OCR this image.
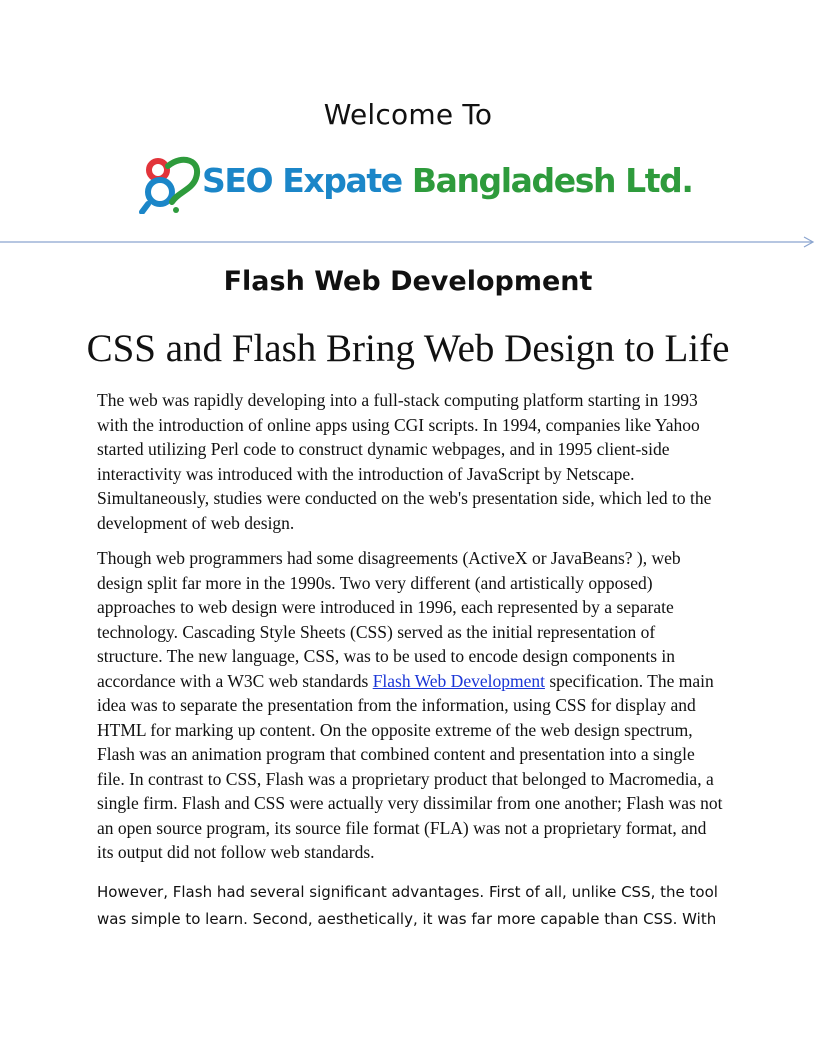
Welcome To
SEO Expate Bangladesh Ltd.
Flash Web Development
CSS and Flash Bring Web Design to Life

The web was rapidly developing into a full-stack computing platform starting in 1993 with the introduction of online apps using CGI scripts. In 1994, companies like Yahoo started utilizing Perl code to construct dynamic webpages, and in 1995 client-side interactivity was introduced with the introduction of JavaScript by Netscape. Simultaneously, studies were conducted on the web's presentation side, which led to the development of web design.

Though web programmers had some disagreements (ActiveX or JavaBeans? ), web design split far more in the 1990s. Two very different (and artistically opposed) approaches to web design were introduced in 1996, each represented by a separate technology. Cascading Style Sheets (CSS) served as the initial representation of structure. The new language, CSS, was to be used to encode design components in accordance with a W3C web standards Flash Web Development specification. The main idea was to separate the presentation from the information, using CSS for display and HTML for marking up content. On the opposite extreme of the web design spectrum, Flash was an animation program that combined content and presentation into a single file. In contrast to CSS, Flash was a proprietary product that belonged to Macromedia, a single firm. Flash and CSS were actually very dissimilar from one another; Flash was not an open source program, its source file format (FLA) was not a proprietary format, and its output did not follow web standards.

However, Flash had several significant advantages. First of all, unlike CSS, the tool was simple to learn. Second, aesthetically, it was far more capable than CSS. With
